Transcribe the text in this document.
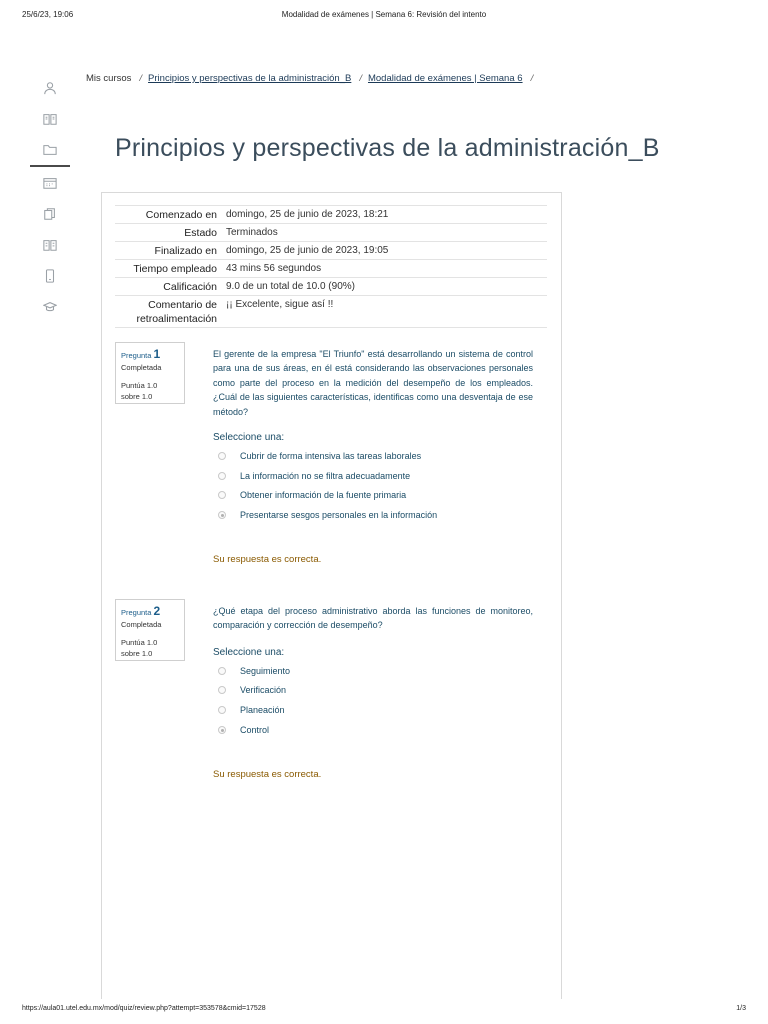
25/6/23, 19:06	Modalidad de exámenes | Semana 6: Revisión del intento
Mis cursos / Principios y perspectivas de la administración_B / Modalidad de exámenes | Semana 6 /
Principios y perspectivas de la administración_B
Comenzado en	domingo, 25 de junio de 2023, 18:21
Estado	Terminados
Finalizado en	domingo, 25 de junio de 2023, 19:05
Tiempo empleado	43 mins 56 segundos
Calificación	9.0 de un total de 10.0 (90%)
Comentario de retroalimentación	¡¡ Excelente, sigue así !!
Pregunta 1
Completada
Puntúa 1.0
sobre 1.0
El gerente de la empresa "El Triunfo" está desarrollando un sistema de control para una de sus áreas, en él está considerando las observaciones personales como parte del proceso en la medición del desempeño de los empleados. ¿Cuál de las siguientes características, identificas como una desventaja de ese método?
Seleccione una:
Cubrir de forma intensiva las tareas laborales
La información no se filtra adecuadamente
Obtener información de la fuente primaria
Presentarse sesgos personales en la información
Su respuesta es correcta.
Pregunta 2
Completada
Puntúa 1.0
sobre 1.0
¿Qué etapa del proceso administrativo aborda las funciones de monitoreo, comparación y corrección de desempeño?
Seleccione una:
Seguimiento
Verificación
Planeación
Control
Su respuesta es correcta.
https://aula01.utel.edu.mx/mod/quiz/review.php?attempt=353578&cmid=17528	1/3
